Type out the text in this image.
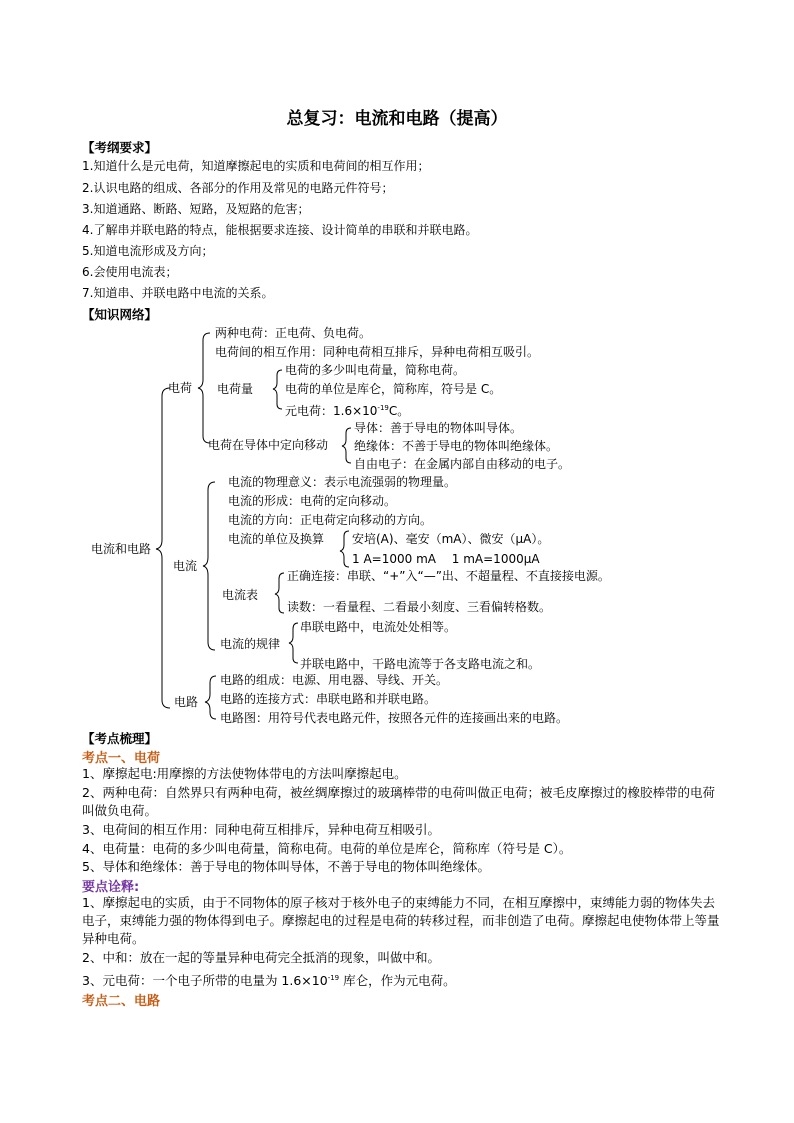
总复习：电流和电路（提高）
【考纲要求】
1.知道什么是元电荷，知道摩擦起电的实质和电荷间的相互作用；
2.认识电路的组成、各部分的作用及常见的电路元件符号；
3.知道通路、断路、短路，及短路的危害；
4.了解串并联电路的特点，能根据要求连接、设计简单的串联和并联电路。
5.知道电流形成及方向；
6.会使用电流表；
7.知道串、并联电路中电流的关系。
【知识网络】
电流和电路
电荷
两种电荷：正电荷、负电荷。
电荷间的相互作用：同种电荷相互排斥，异种电荷相互吸引。
电荷量
电荷的多少叫电荷量，简称电荷。
电荷的单位是库仑，简称库，符号是 C。
元电荷：$1.6\times 10^{-19}C$。
电荷在导体中定向移动
导体：善于导电的物体叫导体。
绝缘体：不善于导电的物体叫绝缘体。
自由电子：在金属内部自由移动的电子。
电流
电流的物理意义：表示电流强弱的物理量。
电流的形成：电荷的定向移动。
电流的方向：正电荷定向移动的方向。
电流的单位及换算 安培(A)、毫安（mA）、微安（μA）。
1 A=1000 mA　 1 mA=1000μA
电流表
正确连接：串联、“+”入“—”出、不超量程、不直接接电源。
读数：一看量程、二看最小刻度、三看偏转格数。
电流的规律
串联电路中，电流处处相等。
并联电路中，干路电流等于各支路电流之和。
电路
电路的组成：电源、用电器、导线、开关。
电路的连接方式：串联电路和并联电路。
电路图：用符号代表电路元件，按照各元件的连接画出来的电路。
【考点梳理】
考点一、电荷
1、摩擦起电:用摩擦的方法使物体带电的方法叫摩擦起电。
2、两种电荷：自然界只有两种电荷，被丝绸摩擦过的玻璃棒带的电荷叫做正电荷；被毛皮摩擦过的橡胶棒带的电荷叫做负电荷。
3、电荷间的相互作用：同种电荷互相排斥，异种电荷互相吸引。
4、电荷量：电荷的多少叫电荷量，简称电荷。电荷的单位是库仑，简称库（符号是 C）。
5、导体和绝缘体：善于导电的物体叫导体，不善于导电的物体叫绝缘体。
要点诠释:
1、摩擦起电的实质，由于不同物体的原子核对于核外电子的束缚能力不同，在相互摩擦中，束缚能力弱的物体失去电子，束缚能力强的物体得到电子。摩擦起电的过程是电荷的转移过程，而非创造了电荷。摩擦起电使物体带上等量异种电荷。
2、中和：放在一起的等量异种电荷完全抵消的现象，叫做中和。
3、元电荷：一个电子所带的电量为 $1.6\times 10^{-19}$ 库仑，作为元电荷。
考点二、电路
